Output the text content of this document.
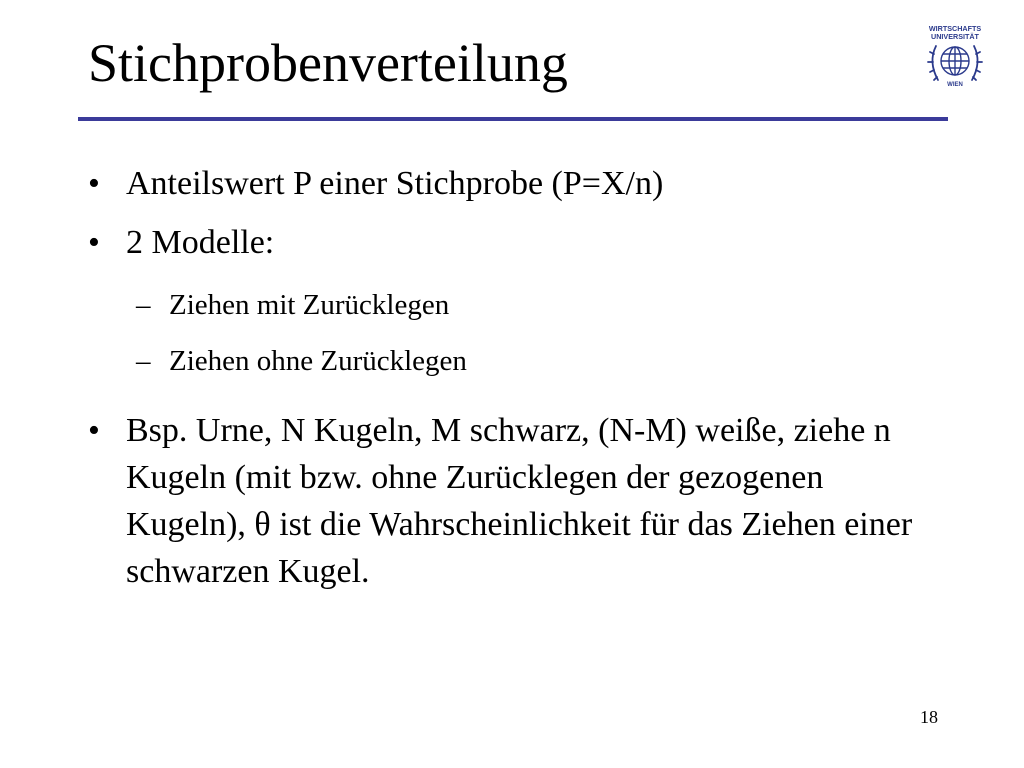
Stichprobenverteilung
WIRTSCHAFTS
UNIVERSITÄT
WIEN
• Anteilswert P einer Stichprobe (P=X/n)
• 2 Modelle:
– Ziehen mit Zurücklegen
– Ziehen ohne Zurücklegen
• Bsp. Urne, N Kugeln, M schwarz, (N-M) weiße, ziehe n Kugeln (mit bzw. ohne Zurücklegen der gezogenen Kugeln), θ ist die Wahrscheinlichkeit für das Ziehen einer schwarzen Kugel.
18
